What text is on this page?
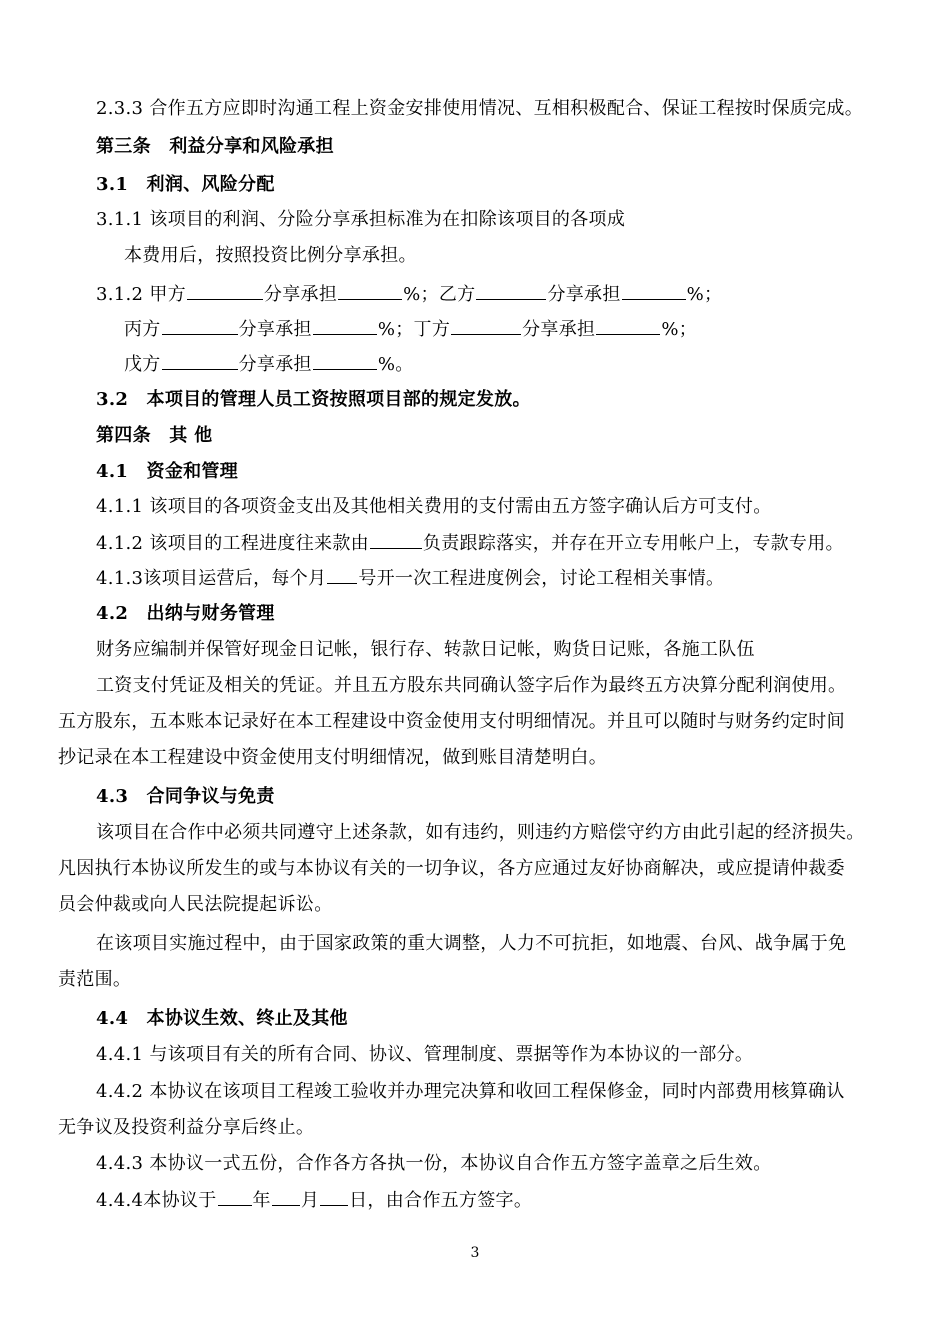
2.3.3 合作五方应即时沟通工程上资金安排使用情况、互相积极配合、保证工程按时保质完成。
第三条　利益分享和风险承担
3.1　利润、风险分配
3.1.1 该项目的利润、分险分享承担标准为在扣除该项目的各项成
本费用后，按照投资比例分享承担。
3.1.2 甲方	分享承担	%；乙方	分享承担	%；
丙方	分享承担	%；丁方	分享承担	%；
戊方	分享承担	%。
3.2　本项目的管理人员工资按照项目部的规定发放。
第四条　其 他
4.1　资金和管理
4.1.1 该项目的各项资金支出及其他相关费用的支付需由五方签字确认后方可支付。
4.1.2 该项目的工程进度往来款由	负责跟踪落实，并存在开立专用帐户上，专款专用。
4.1.3该项目运营后，每个月 号开一次工程进度例会，讨论工程相关事情。
4.2　出纳与财务管理
财务应编制并保管好现金日记帐，银行存、转款日记帐，购货日记账，各施工队伍
工资支付凭证及相关的凭证。并且五方股东共同确认签字后作为最终五方决算分配利润使用。
五方股东，五本账本记录好在本工程建设中资金使用支付明细情况。并且可以随时与财务约定时间
抄记录在本工程建设中资金使用支付明细情况，做到账目清楚明白。
4.3　合同争议与免责
该项目在合作中必须共同遵守上述条款，如有违约，则违约方赔偿守约方由此引起的经济损失。
凡因执行本协议所发生的或与本协议有关的一切争议，各方应通过友好协商解决，或应提请仲裁委
员会仲裁或向人民法院提起诉讼。
在该项目实施过程中，由于国家政策的重大调整，人力不可抗拒，如地震、台风、战争属于免
责范围。
4.4　本协议生效、终止及其他
4.4.1 与该项目有关的所有合同、协议、管理制度、票据等作为本协议的一部分。
4.4.2 本协议在该项目工程竣工验收并办理完决算和收回工程保修金，同时内部费用核算确认
无争议及投资利益分享后终止。
4.4.3 本协议一式五份，合作各方各执一份，本协议自合作五方签字盖章之后生效。
4.4.4本协议于 年 月 日，由合作五方签字。
3
